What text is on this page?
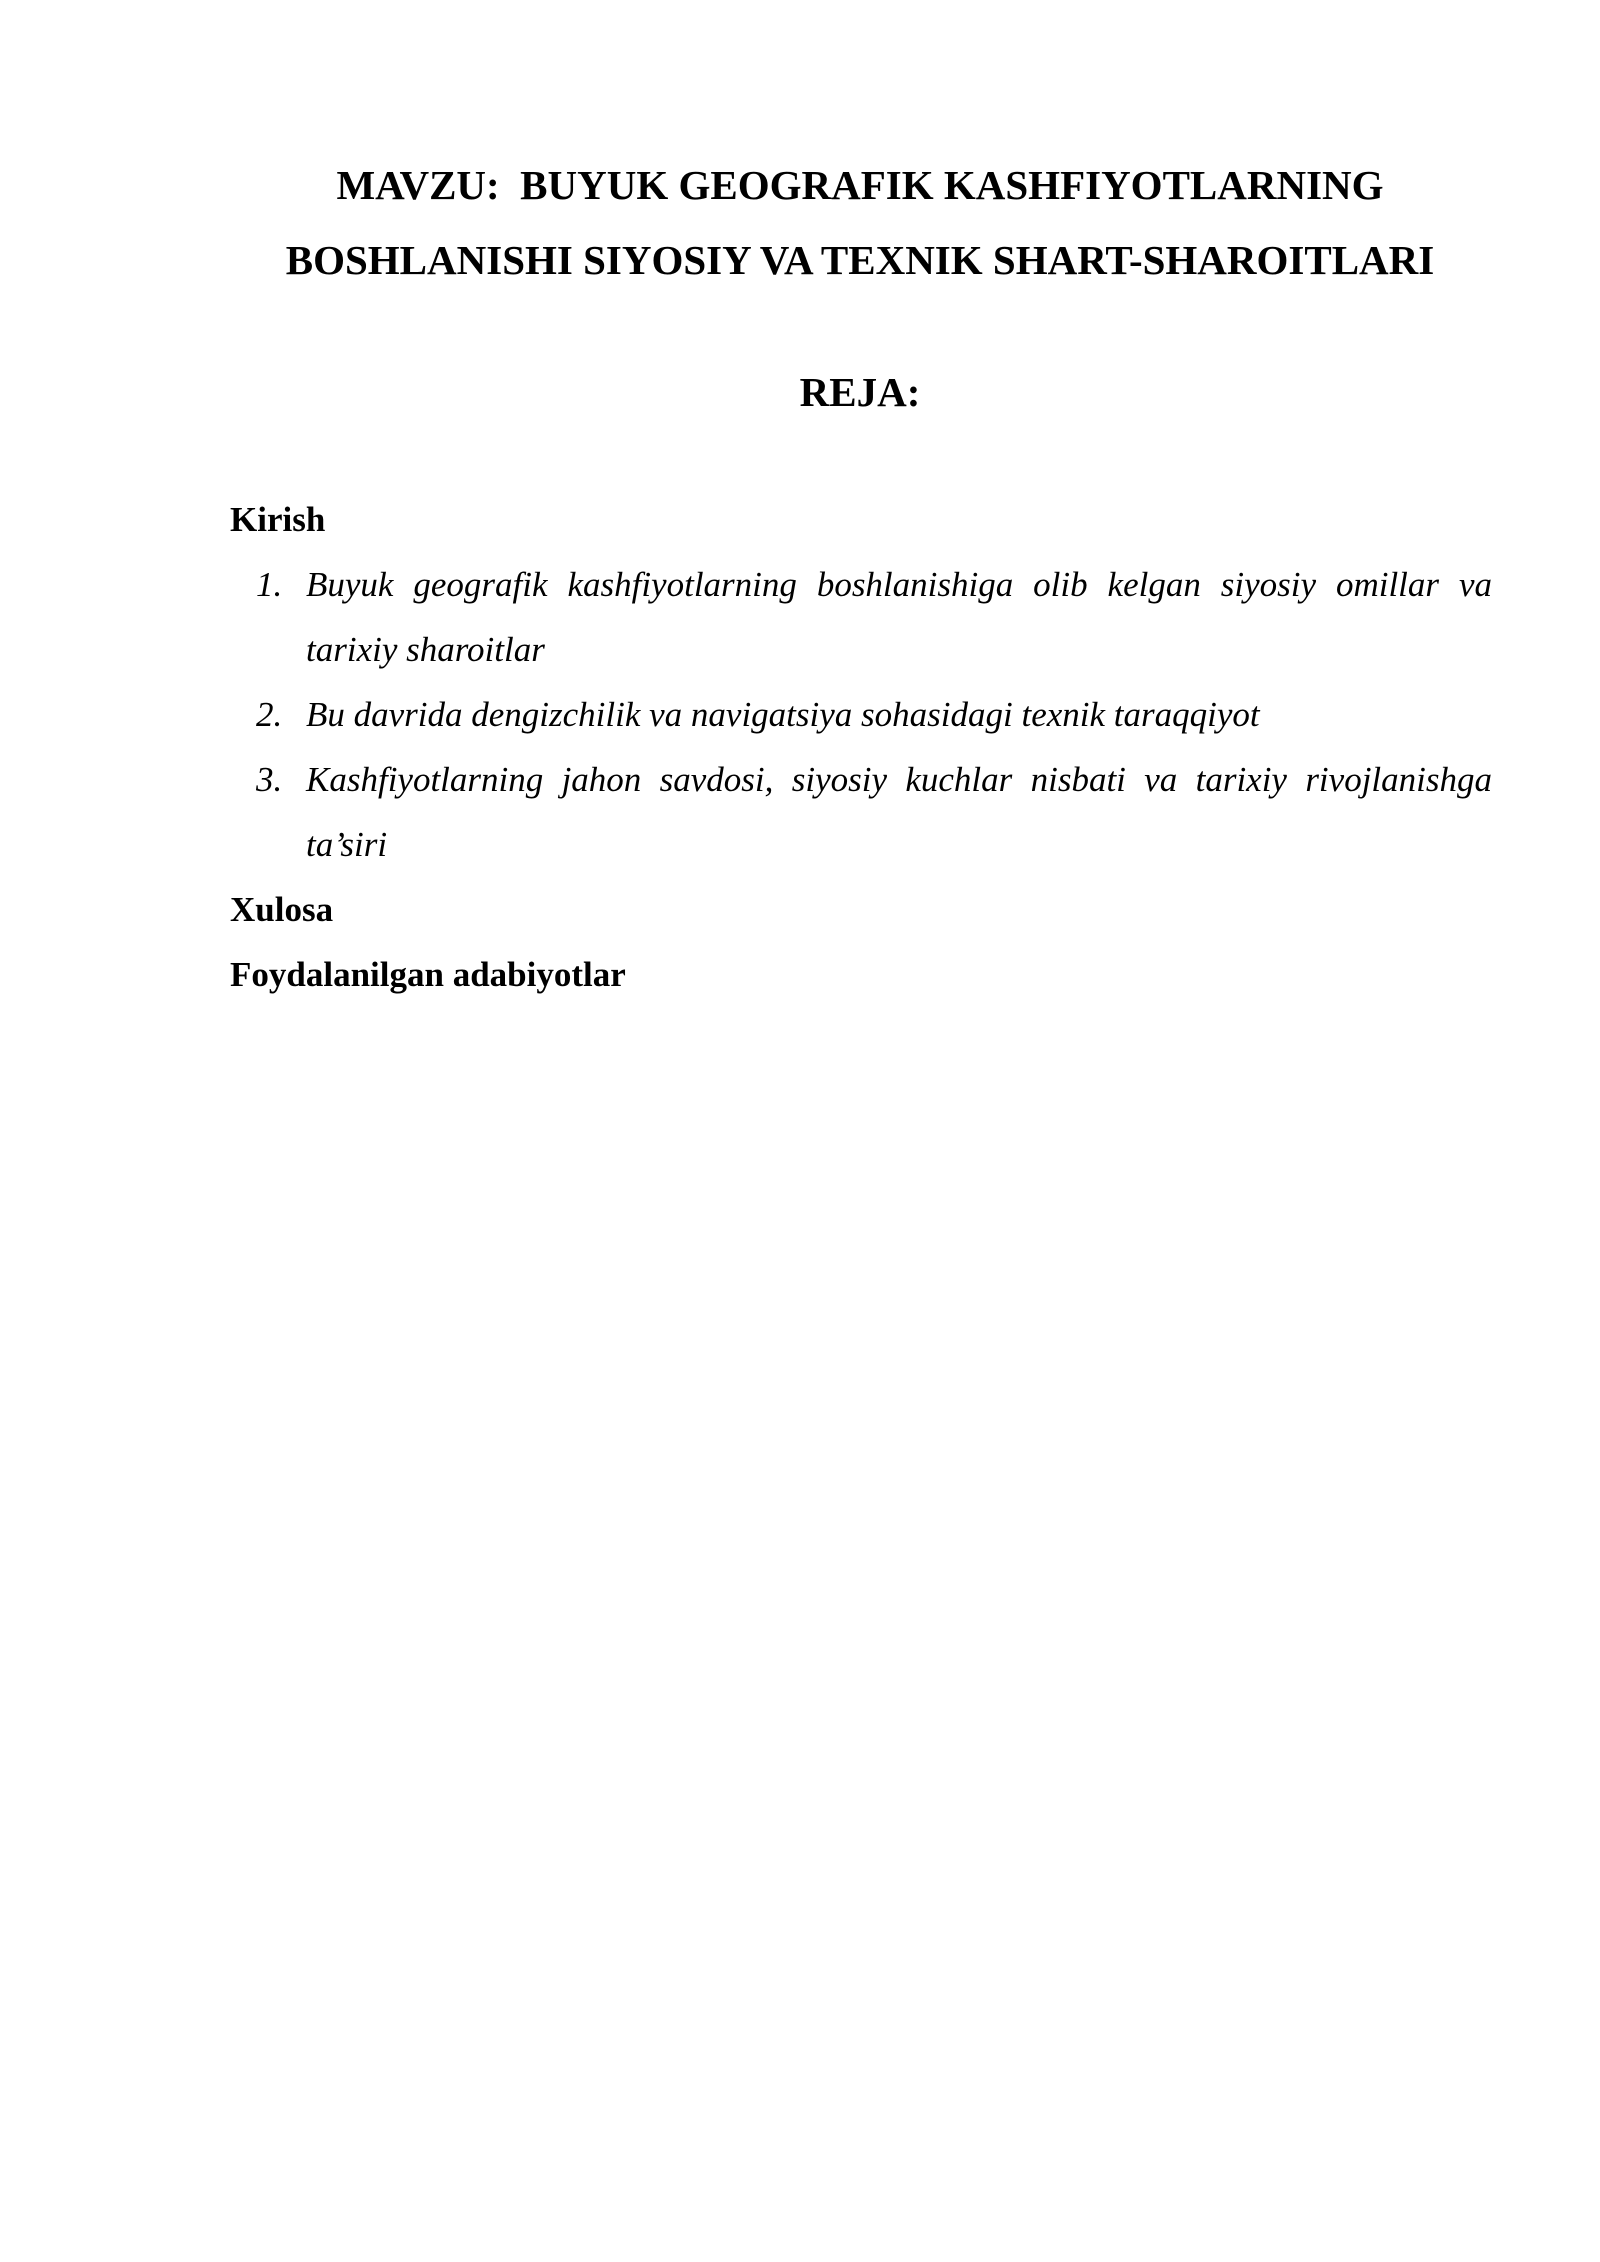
MAVZU:  BUYUK GEOGRAFIK KASHFIYOTLARNING
BOSHLANISHI SIYOSIY VA TEXNIK SHART-SHAROITLARI
REJA:

Kirish

1. Buyuk geografik kashfiyotlarning boshlanishiga olib kelgan siyosiy omillar va tarixiy sharoitlar
2. Bu davrida dengizchilik va navigatsiya sohasidagi texnik taraqqiyot
3. Kashfiyotlarning jahon savdosi, siyosiy kuchlar nisbati va tarixiy rivojlanishga ta’siri

Xulosa

Foydalanilgan adabiyotlar
